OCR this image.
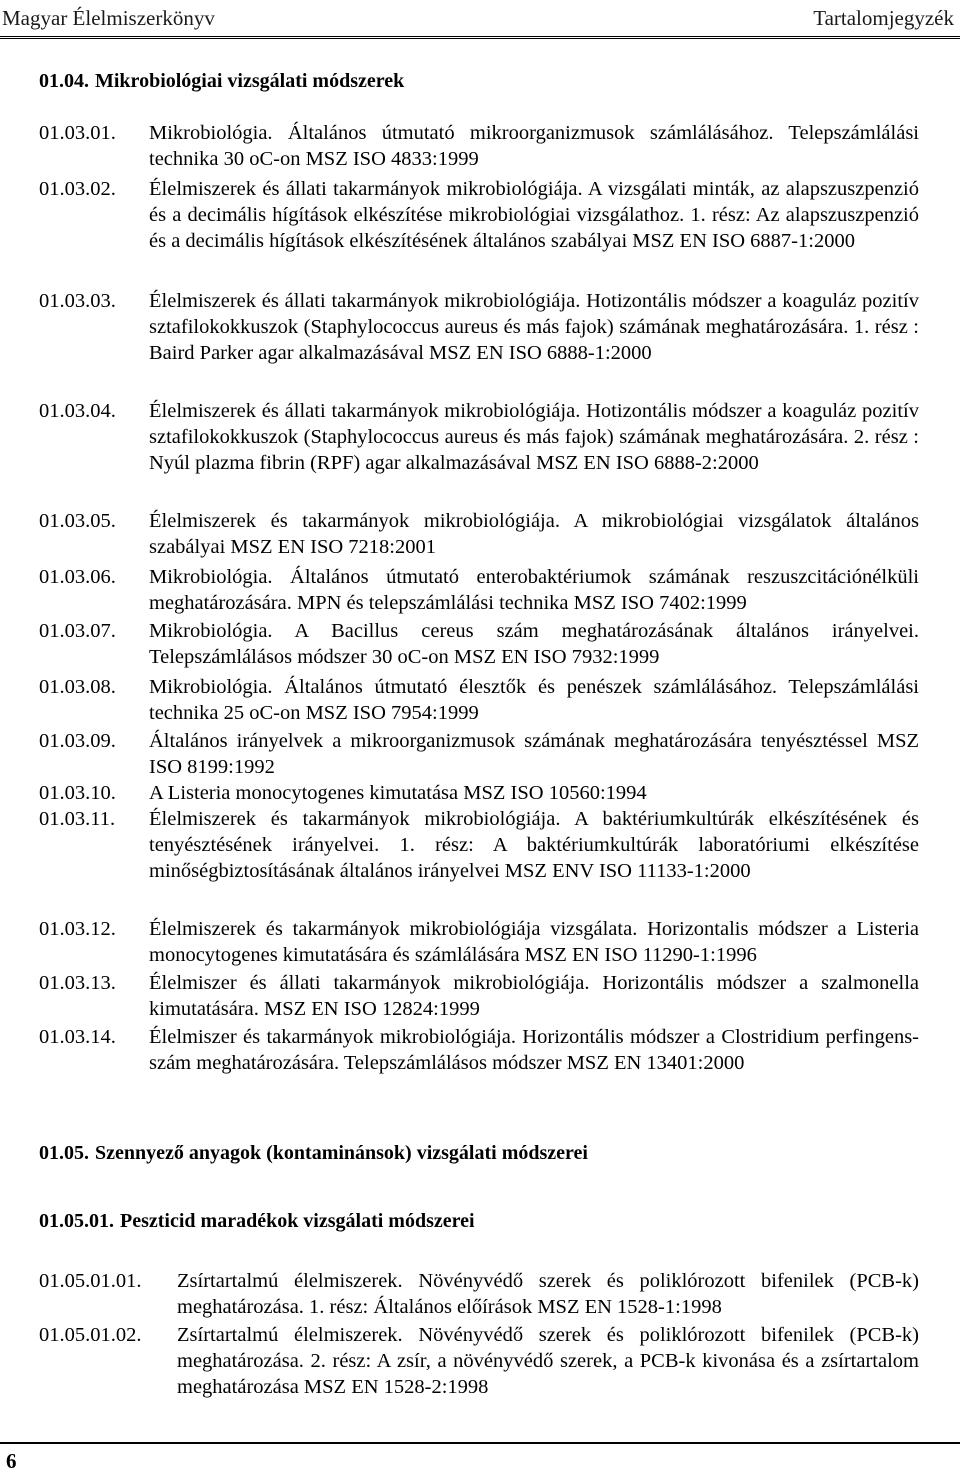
Magyar Élelmiszerkönyv	Tartalomjegyzék
01.04. Mikrobiológiai vizsgálati módszerek
01.03.01. Mikrobiológia. Általános útmutató mikroorganizmusok számlálásához. Telepszámlálási technika 30 oC-on MSZ ISO 4833:1999
01.03.02. Élelmiszerek és állati takarmányok mikrobiológiája. A vizsgálati minták, az alapszuszpenzió és a decimális hígítások elkészítése mikrobiológiai vizsgálathoz. 1. rész: Az alapszuszpenzió és a decimális hígítások elkészítésének általános szabályai MSZ EN ISO 6887-1:2000
01.03.03. Élelmiszerek és állati takarmányok mikrobiológiája. Hotizontális módszer a koaguláz pozitív sztafilokokkuszok (Staphylococcus aureus és más fajok) számának meghatározására. 1. rész : Baird Parker agar alkalmazásával MSZ EN ISO 6888-1:2000
01.03.04. Élelmiszerek és állati takarmányok mikrobiológiája. Hotizontális módszer a koaguláz pozitív sztafilokokkuszok (Staphylococcus aureus és más fajok) számának meghatározására. 2. rész : Nyúl plazma fibrin (RPF) agar alkalmazásával MSZ EN ISO 6888-2:2000
01.03.05. Élelmiszerek és takarmányok mikrobiológiája. A mikrobiológiai vizsgálatok általános szabályai MSZ EN ISO 7218:2001
01.03.06. Mikrobiológia. Általános útmutató enterobaktériumok számának reszuszcitációnélküli meghatározására. MPN és telepszámlálási technika MSZ ISO 7402:1999
01.03.07. Mikrobiológia. A Bacillus cereus szám meghatározásának általános irányelvei. Telepszámlálásos módszer 30 oC-on MSZ EN ISO 7932:1999
01.03.08. Mikrobiológia. Általános útmutató élesztők és penészek számlálásához. Telepszámlálási technika 25 oC-on MSZ ISO 7954:1999
01.03.09. Általános irányelvek a mikroorganizmusok számának meghatározására tenyésztéssel MSZ ISO 8199:1992
01.03.10. A Listeria monocytogenes kimutatása MSZ ISO 10560:1994
01.03.11. Élelmiszerek és takarmányok mikrobiológiája. A baktériumkultúrák elkészítésének és tenyésztésének irányelvei. 1. rész: A baktériumkultúrák laboratóriumi elkészítése minőségbiztosításának általános irányelvei MSZ ENV ISO 11133-1:2000
01.03.12. Élelmiszerek és takarmányok mikrobiológiája vizsgálata. Horizontalis módszer a Listeria monocytogenes kimutatására és számlálására MSZ EN ISO 11290-1:1996
01.03.13. Élelmiszer és állati takarmányok mikrobiológiája. Horizontális módszer a szalmonella kimutatására. MSZ EN ISO 12824:1999
01.03.14. Élelmiszer és takarmányok mikrobiológiája. Horizontális módszer a Clostridium perfingens-szám meghatározására. Telepszámlálásos módszer MSZ EN 13401:2000
01.05. Szennyező anyagok (kontaminánsok) vizsgálati módszerei
01.05.01. Peszticid maradékok vizsgálati módszerei
01.05.01.01. Zsírtartalmú élelmiszerek. Növényvédő szerek és poliklórozott bifenilek (PCB-k) meghatározása. 1. rész: Általános előírások MSZ EN 1528-1:1998
01.05.01.02. Zsírtartalmú élelmiszerek. Növényvédő szerek és poliklórozott bifenilek (PCB-k) meghatározása. 2. rész: A zsír, a növényvédő szerek, a PCB-k kivonása és a zsírtartalom meghatározása MSZ EN 1528-2:1998
6
